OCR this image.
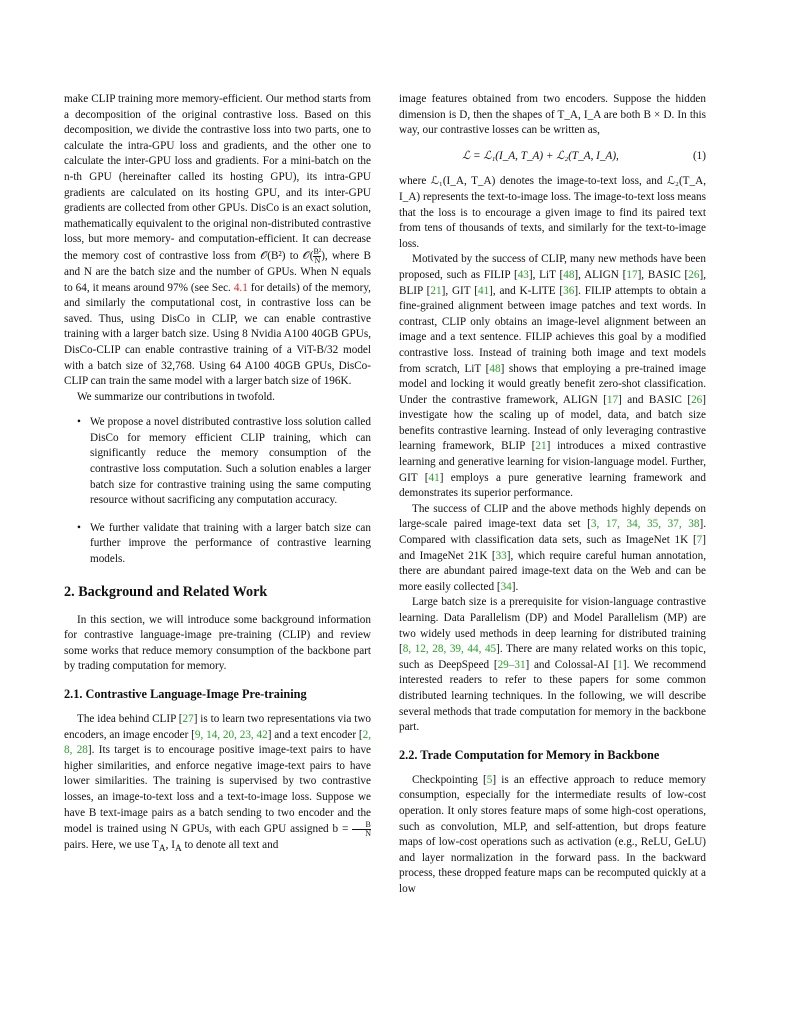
make CLIP training more memory-efficient. Our method starts from a decomposition of the original contrastive loss. Based on this decomposition, we divide the contrastive loss into two parts, one to calculate the intra-GPU loss and gradients, and the other one to calculate the inter-GPU loss and gradients. For a mini-batch on the n-th GPU (hereinafter called its hosting GPU), its intra-GPU gradients are calculated on its hosting GPU, and its inter-GPU gradients are collected from other GPUs. DisCo is an exact solution, mathematically equivalent to the original non-distributed contrastive loss, but more memory- and computation-efficient. It can decrease the memory cost of contrastive loss from 𝒪(B²) to 𝒪( $\frac{\text{B²}}{N}$ ), where B and N are the batch size and the number of GPUs. When N equals to 64, it means around 97% (see Sec. 4.1 for details) of the memory, and similarly the computational cost, in contrastive loss can be saved. Thus, using DisCo in CLIP, we can enable contrastive training with a larger batch size. Using 8 Nvidia A100 40GB GPUs, DisCo-CLIP can enable contrastive training of a ViT-B/32 model with a batch size of 32,768. Using 64 A100 40GB GPUs, DisCo-CLIP can train the same model with a larger batch size of 196K.

We summarize our contributions in twofold.

• We propose a novel distributed contrastive loss solution called DisCo for memory efficient CLIP training, which can significantly reduce the memory consumption of the contrastive loss computation. Such a solution enables a larger batch size for contrastive training using the same computing resource without sacrificing any computation accuracy.
• We further validate that training with a larger batch size can further improve the performance of contrastive learning models.
2. Background and Related Work

In this section, we will introduce some background information for contrastive language-image pre-training (CLIP) and review some works that reduce memory consumption of the backbone part by trading computation for memory.

2.1. Contrastive Language-Image Pre-training

The idea behind CLIP [27] is to learn two representations via two encoders, an image encoder [9, 14, 20, 23, 42] and a text encoder [2, 8, 28]. Its target is to encourage positive image-text pairs to have higher similarities, and enforce negative image-text pairs to have lower similarities. The training is supervised by two contrastive losses, an image-to-text loss and a text-to-image loss. Suppose we have B text-image pairs as a batch sending to two encoder and the model is trained using N GPUs, with each GPU assigned $b = \frac{B}{N}$
pairs. Here, we use $T_A$, $I_A$ to denote all text and

image features obtained from two encoders. Suppose the hidden dimension is D, then the shapes of T_A, I_A are both B × D. In this way, our contrastive losses can be written as,

ℒ = ℒ₁(I_A, T_A) + ℒ₂(T_A, I_A),	(1)

where ℒ₁(I_A, T_A) denotes the image-to-text loss, and ℒ₂(T_A, I_A) represents the text-to-image loss. The image-to-text loss means that the loss is to encourage a given image to find its paired text from tens of thousands of texts, and similarly for the text-to-image loss.

Motivated by the success of CLIP, many new methods have been proposed, such as FILIP [43], LiT [48], ALIGN [17], BASIC [26], BLIP [21], GIT [41], and K-LITE [36]. FILIP attempts to obtain a fine-grained alignment between image patches and text words. In contrast, CLIP only obtains an image-level alignment between an image and a text sentence. FILIP achieves this goal by a modified contrastive loss. Instead of training both image and text models from scratch, LiT [48] shows that employing a pre-trained image model and locking it would greatly benefit zero-shot classification. Under the contrastive framework, ALIGN [17] and BASIC [26] investigate how the scaling up of model, data, and batch size benefits contrastive learning. Instead of only leveraging contrastive learning framework, BLIP [21] introduces a mixed contrastive learning and generative learning for vision-language model. Further, GIT [41] employs a pure generative learning framework and demonstrates its superior performance.

The success of CLIP and the above methods highly depends on large-scale paired image-text data set [3, 17, 34, 35, 37, 38]. Compared with classification data sets, such as ImageNet 1K [7] and ImageNet 21K [33], which require careful human annotation, there are abundant paired image-text data on the Web and can be more easily collected [34].

Large batch size is a prerequisite for vision-language contrastive learning. Data Parallelism (DP) and Model Parallelism (MP) are two widely used methods in deep learning for distributed training [8, 12, 28, 39, 44, 45]. There are many related works on this topic, such as DeepSpeed [29–31] and Colossal-AI [1]. We recommend interested readers to refer to these papers for some common distributed learning techniques. In the following, we will describe several methods that trade computation for memory in the backbone part.

2.2. Trade Computation for Memory in Backbone

Checkpointing [5] is an effective approach to reduce memory consumption, especially for the intermediate results of low-cost operation. It only stores feature maps of some high-cost operations, such as convolution, MLP, and self-attention, but drops feature maps of low-cost operations such as activation (e.g., ReLU, GeLU) and layer normalization in the forward pass. In the backward process, these dropped feature maps can be recomputed quickly at a low
